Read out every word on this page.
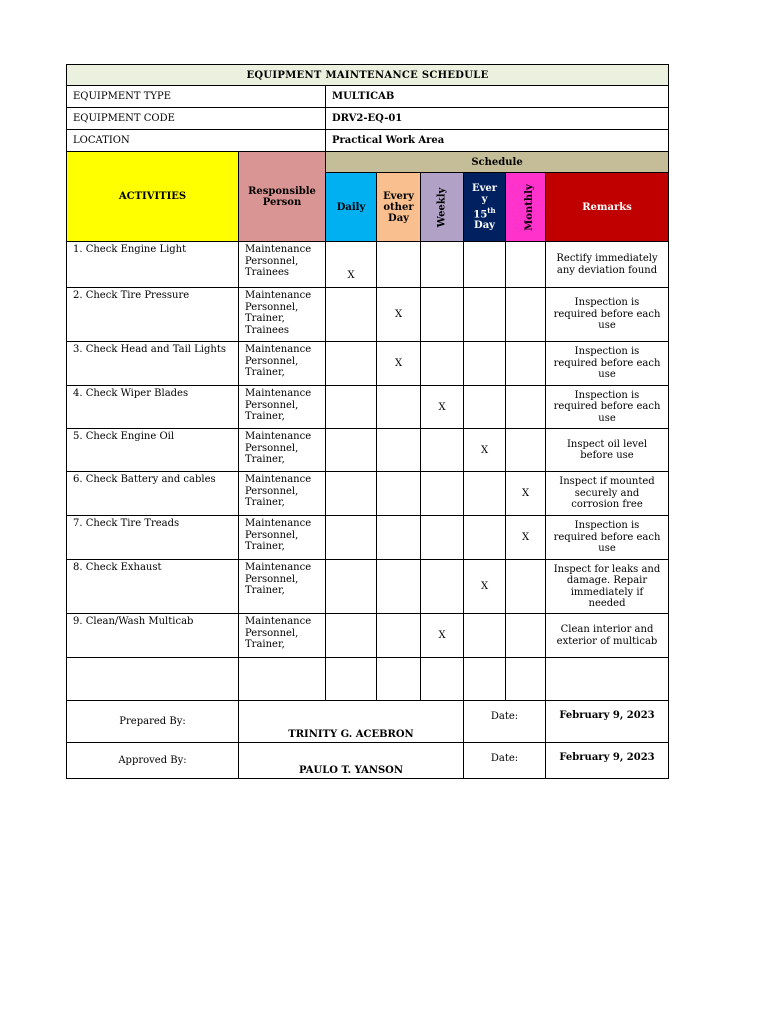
EQUIPMENT MAINTENANCE SCHEDULE							
EQUIPMENT TYPE		MULTICAB					
EQUIPMENT CODE		DRV2-EQ-01					
LOCATION		Practical Work Area					
ACTIVITIES	Responsible Person	Schedule					
		Daily	Every other Day	Weekly	Ever
y
15th
Day	Monthly	Remarks
1. Check Engine Light	Maintenance
Personnel,
Trainees	X					Rectify immediately any deviation found
2. Check Tire Pressure	Maintenance
Personnel,
Trainer,
Trainees		X				Inspection is required before each use
3. Check Head and Tail Lights	Maintenance
Personnel,
Trainer,		X				Inspection is required before each use
4. Check Wiper Blades	Maintenance
Personnel,
Trainer,			X			Inspection is required before each use
5. Check Engine Oil	Maintenance
Personnel,
Trainer,				X		Inspect oil level before use
6. Check Battery and cables	Maintenance
Personnel,
Trainer,					X	Inspect if mounted securely and corrosion free
7. Check Tire Treads	Maintenance
Personnel,
Trainer,					X	Inspection is required before each use
8. Check Exhaust	Maintenance
Personnel,
Trainer,				X		Inspect for leaks and damage. Repair immediately if needed
9. Clean/Wash Multicab	Maintenance
Personnel,
Trainer,			X			Clean interior and exterior of multicab

Prepared By:	TRINITY G. ACEBRON				Date:		February 9, 2023
Approved By:	PAULO T. YANSON				Date:		February 9, 2023
